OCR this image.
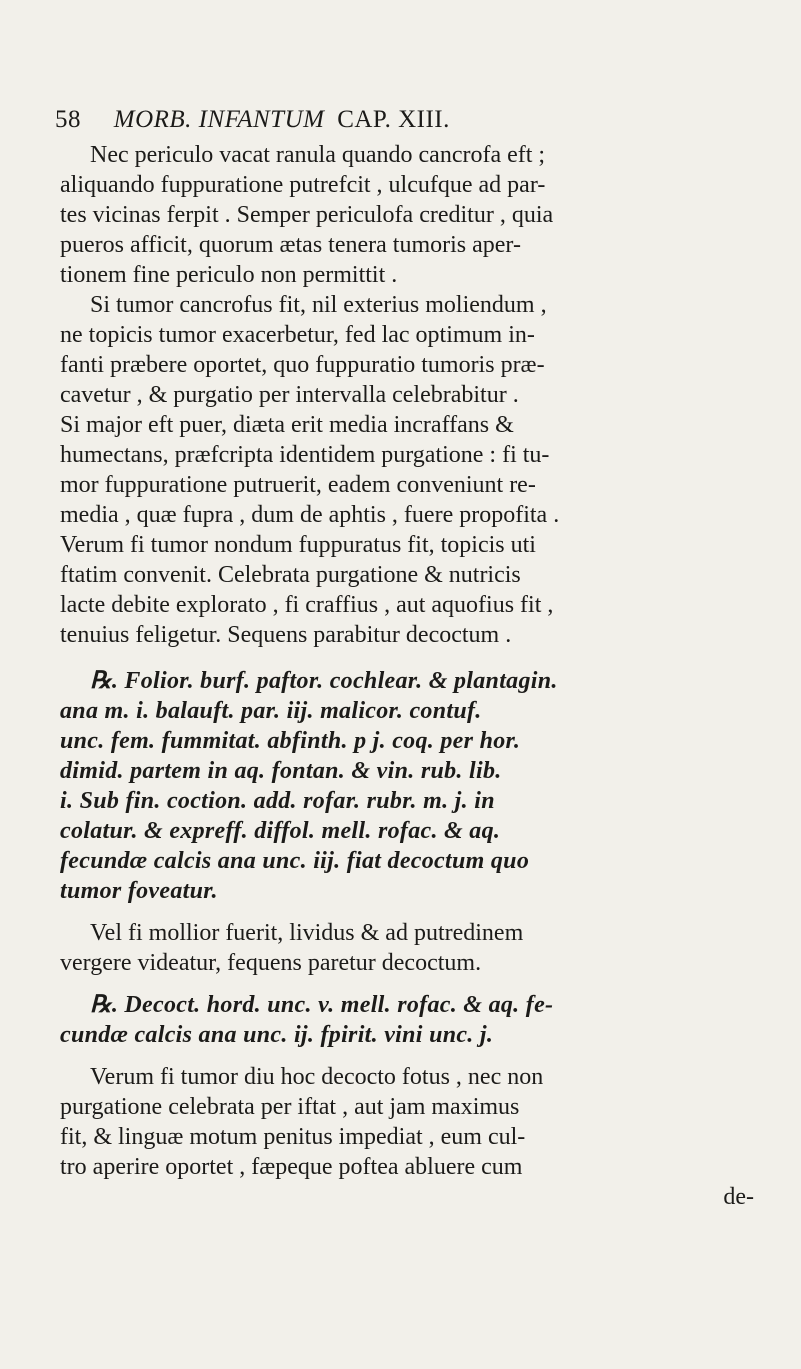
58 MORB. INFANTUM CAP. XIII.
Nec periculo vacat ranula quando cancrofa eft ;
aliquando fuppuratione putrefcit , ulcufque ad par-
tes vicinas ferpit . Semper periculofa creditur , quia
pueros afficit, quorum ætas tenera tumoris aper-
tionem fine periculo non permittit .
Si tumor cancrofus fit, nil exterius moliendum ,
ne topicis tumor exacerbetur, fed lac optimum in-
fanti præbere oportet, quo fuppuratio tumoris præ-
cavetur , & purgatio per intervalla celebrabitur .
Si major eft puer, diæta erit media incraffans &
humectans, præfcripta identidem purgatione : fi tu-
mor fuppuratione putruerit, eadem conveniunt re-
media , quæ fupra , dum de aphtis , fuere propofita .
Verum fi tumor nondum fuppuratus fit, topicis uti
ftatim convenit. Celebrata purgatione & nutricis
lacte debite explorato , fi craffius , aut aquofius fit ,
tenuius feligetur. Sequens parabitur decoctum .
℞. Folior. burf. paftor. cochlear. & plantagin.
ana m. i. balauft. par. iij. malicor. contuf.
unc. fem. fummitat. abfinth. p j. coq. per hor.
dimid. partem in aq. fontan. & vin. rub. lib.
i. Sub fin. coction. add. rofar. rubr. m. j. in
colatur. & expreff. diffol. mell. rofac. & aq.
fecundæ calcis ana unc. iij. fiat decoctum quo
tumor foveatur.
Vel fi mollior fuerit, lividus & ad putredinem
vergere videatur, fequens paretur decoctum.
℞. Decoct. hord. unc. v. mell. rofac. & aq. fe-
cundæ calcis ana unc. ij. fpirit. vini unc. j.
Verum fi tumor diu hoc decocto fotus , nec non
purgatione celebrata per iftat , aut jam maximus
fit, & linguæ motum penitus impediat , eum cul-
tro aperire oportet , fæpeque poftea abluere cum
de-
